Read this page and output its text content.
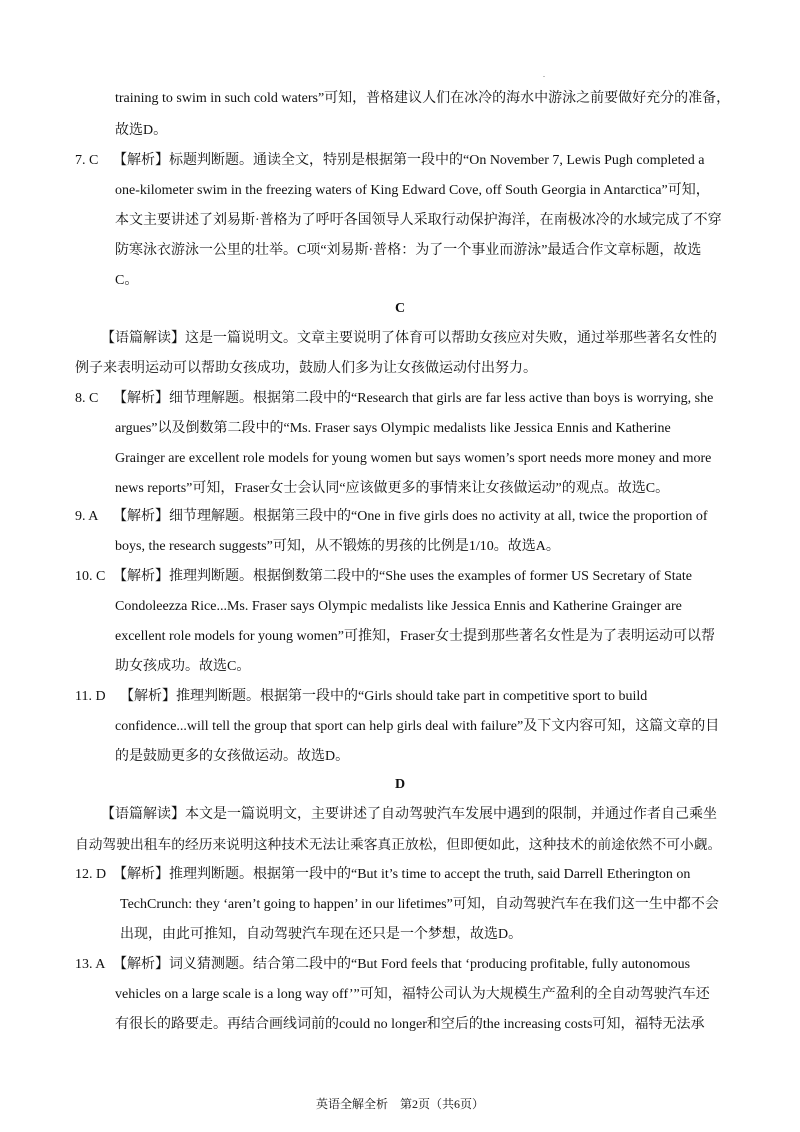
.
training to swim in such cold waters”可知，普格建议人们在冰冷的海水中游泳之前要做好充分的准备，
故选D。
7. C 【解析】标题判断题。通读全文，特别是根据第一段中的“On November 7, Lewis Pugh completed a
one-kilometer swim in the freezing waters of King Edward Cove, off South Georgia in Antarctica”可知，
本文主要讲述了刘易斯·普格为了呼吁各国领导人采取行动保护海洋，在南极冰冷的水域完成了不穿
防寒泳衣游泳一公里的壮举。C项“刘易斯·普格：为了一个事业而游泳”最适合作文章标题，故选
C。
C
【语篇解读】这是一篇说明文。文章主要说明了体育可以帮助女孩应对失败，通过举那些著名女性的
例子来表明运动可以帮助女孩成功，鼓励人们多为让女孩做运动付出努力。
8. C 【解析】细节理解题。根据第二段中的“Research that girls are far less active than boys is worrying, she
argues”以及倒数第二段中的“Ms. Fraser says Olympic medalists like Jessica Ennis and Katherine
Grainger are excellent role models for young women but says women’s sport needs more money and more
news reports”可知，Fraser女士会认同“应该做更多的事情来让女孩做运动”的观点。故选C。
9. A 【解析】细节理解题。根据第三段中的“One in five girls does no activity at all, twice the proportion of
boys, the research suggests”可知，从不锻炼的男孩的比例是1/10。故选A。
10. C 【解析】推理判断题。根据倒数第二段中的“She uses the examples of former US Secretary of State
Condoleezza Rice...Ms. Fraser says Olympic medalists like Jessica Ennis and Katherine Grainger are
excellent role models for young women”可推知，Fraser女士提到那些著名女性是为了表明运动可以帮
助女孩成功。故选C。
11. D 【解析】推理判断题。根据第一段中的“Girls should take part in competitive sport to build
confidence...will tell the group that sport can help girls deal with failure”及下文内容可知，这篇文章的目
的是鼓励更多的女孩做运动。故选D。
D
【语篇解读】本文是一篇说明文，主要讲述了自动驾驶汽车发展中遇到的限制，并通过作者自己乘坐
自动驾驶出租车的经历来说明这种技术无法让乘客真正放松，但即便如此，这种技术的前途依然不可小觑。
12. D 【解析】推理判断题。根据第一段中的“But it’s time to accept the truth, said Darrell Etherington on
TechCrunch: they ‘aren’t going to happen’ in our lifetimes”可知，自动驾驶汽车在我们这一生中都不会
出现，由此可推知，自动驾驶汽车现在还只是一个梦想，故选D。
13. A 【解析】词义猜测题。结合第二段中的“But Ford feels that ‘producing profitable, fully autonomous
vehicles on a large scale is a long way off’”可知，福特公司认为大规模生产盈利的全自动驾驶汽车还
有很长的路要走。再结合画线词前的could no longer和空后的the increasing costs可知，福特无法承
英语全解全析　第2页（共6页）
